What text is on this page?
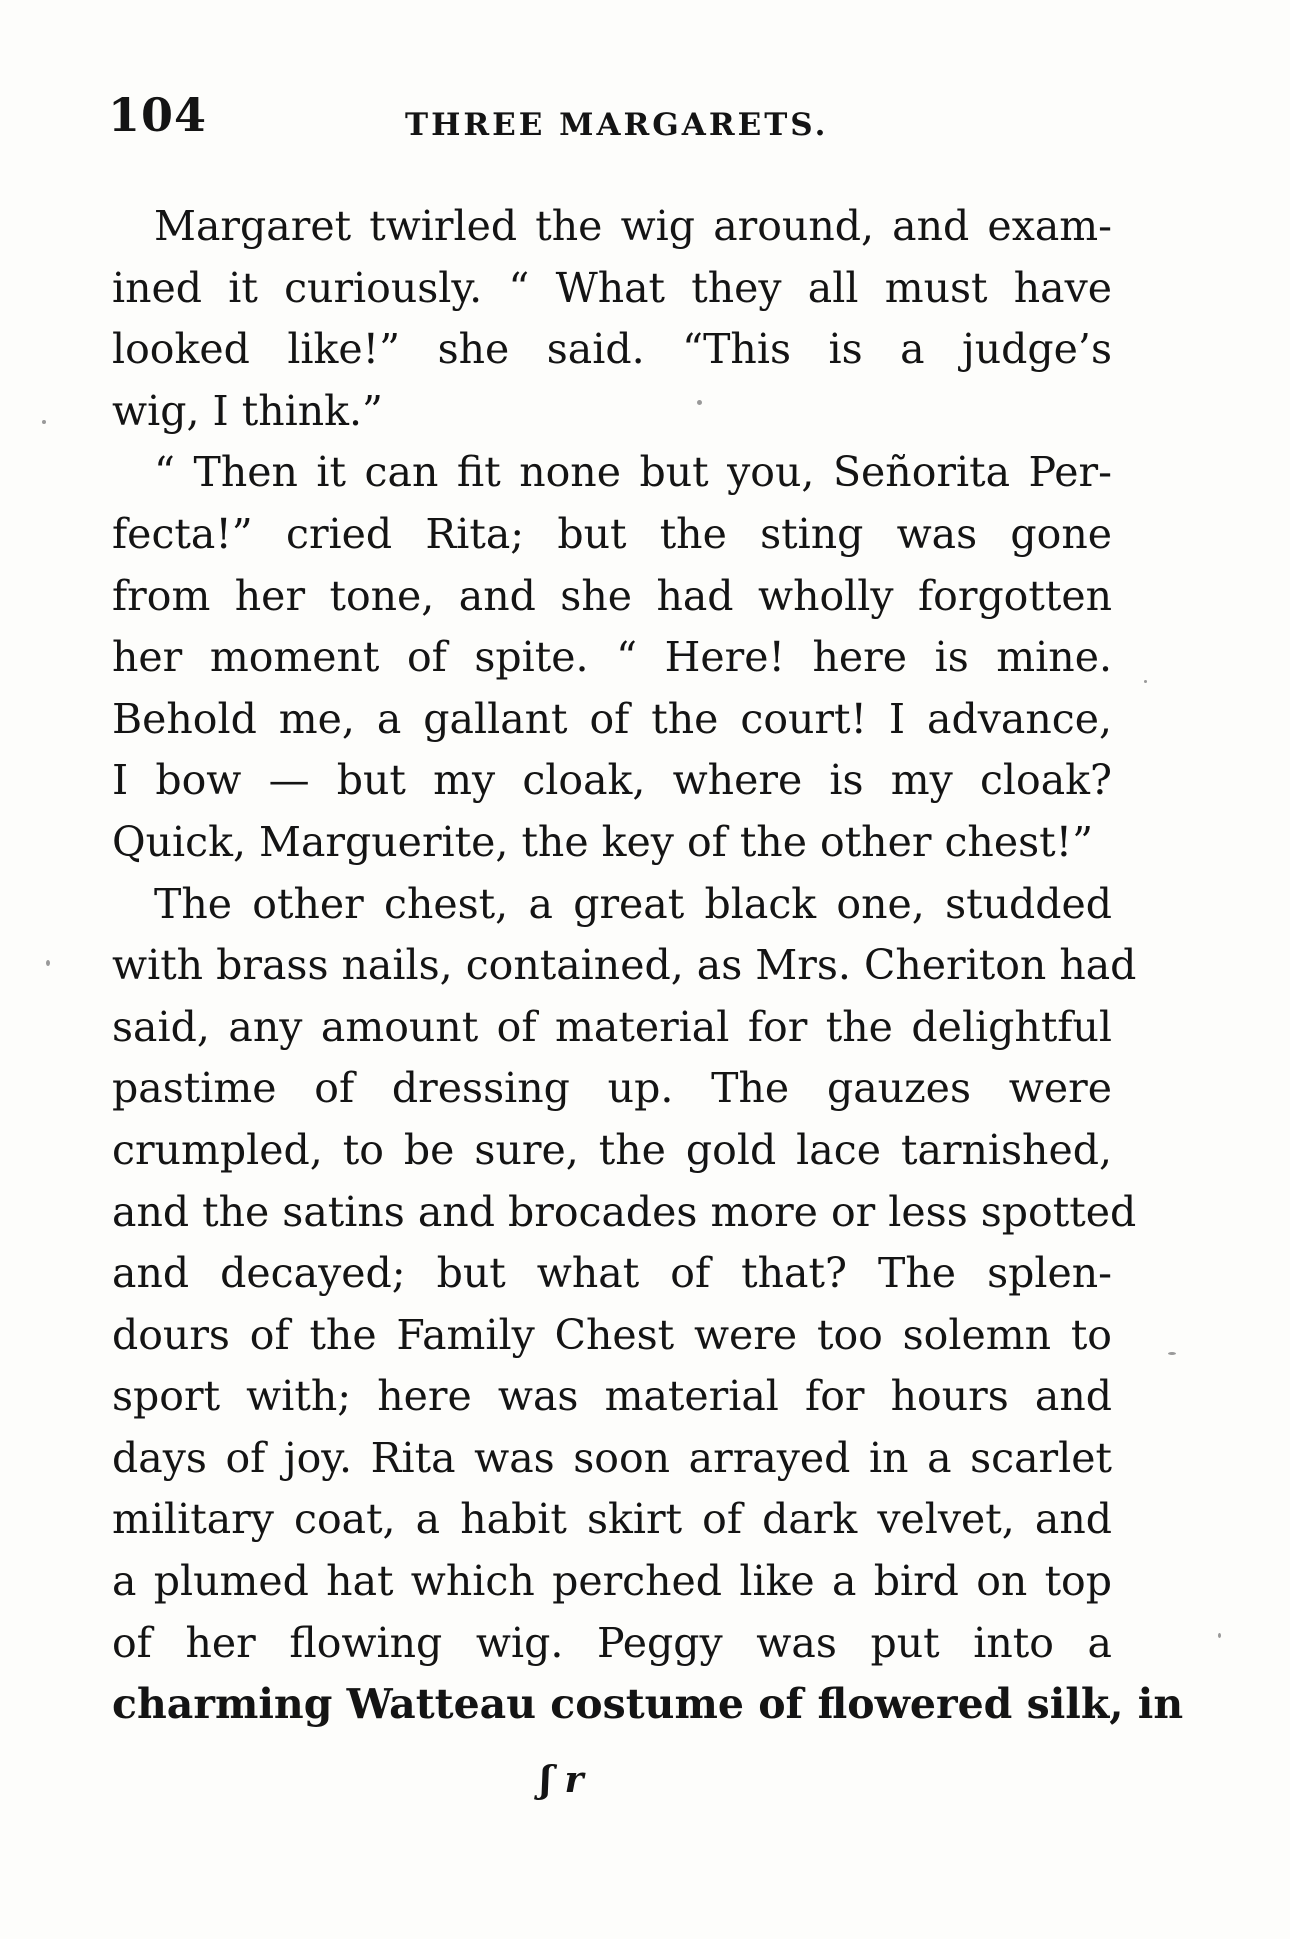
104	THREE MARGARETS.
Margaret twirled the wig around, and exam-
ined it curiously. “ What they all must have
looked like!” she said. “This is a judge’s
wig, I think.”
“ Then it can fit none but you, Señorita Per-
fecta!” cried Rita; but the sting was gone
from her tone, and she had wholly forgotten
her moment of spite. “ Here! here is mine.
Behold me, a gallant of the court! I advance,
I bow — but my cloak, where is my cloak?
Quick, Marguerite, the key of the other chest!”
The other chest, a great black one, studded
with brass nails, contained, as Mrs. Cheriton had
said, any amount of material for the delightful
pastime of dressing up. The gauzes were
crumpled, to be sure, the gold lace tarnished,
and the satins and brocades more or less spotted
and decayed; but what of that? The splen-
dours of the Family Chest were too solemn to
sport with; here was material for hours and
days of joy. Rita was soon arrayed in a scarlet
military coat, a habit skirt of dark velvet, and
a plumed hat which perched like a bird on top
of her flowing wig. Peggy was put into a
charming Watteau costume of flowered silk, in
ʃ r
